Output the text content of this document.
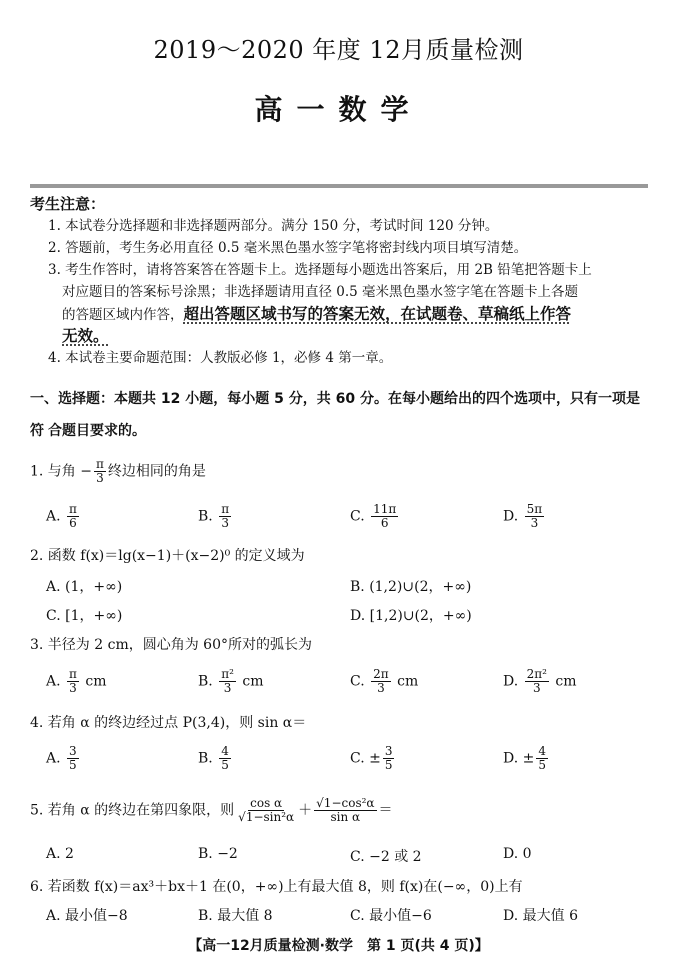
2019～2020 年度 12月质量检测
高一数学
考生注意：
1. 本试卷分选择题和非选择题两部分。满分 150 分，考试时间 120 分钟。
2. 答题前，考生务必用直径 0.5 毫米黑色墨水签字笔将密封线内项目填写清楚。
3. 考生作答时，请将答案答在答题卡上。选择题每小题选出答案后，用 2B 铅笔把答题卡上
对应题目的答案标号涂黑；非选择题请用直径 0.5 毫米黑色墨水签字笔在答题卡上各题
的答题区域内作答，超出答题区域书写的答案无效，在试题卷、草稿纸上作答
无效。
4. 本试卷主要命题范围：人教版必修 1，必修 4 第一章。
一、选择题：本题共 12 小题，每小题 5 分，共 60 分。在每小题给出的四个选项中，只有一项是符 合题目要求的。
1. 与角 − $\frac{\pi}{3}$ 终边相同的角是
A. $\frac{\pi}{6}$	B. $\frac{\pi}{3}$	C. $\frac{11\pi}{6}$	D. $\frac{5\pi}{3}$
2. 函数 f(x)＝lg(x−1)＋(x−2)⁰ 的定义域为
A. (1，+∞)	B. (1,2)∪(2，+∞)
C. [1，+∞)	D. [1,2)∪(2，+∞)
3. 半径为 2 cm，圆心角为 60°所对的弧长为
A. $\frac{\pi}{3}$ cm	B. $\frac{\text{π²}}{3}$ cm	C. $\frac{2\pi}{3}$ cm	D. $\frac{\text{2π²}}{3}$ cm
4. 若角 α 的终边经过点 P(3,4)，则 sin α＝
A. $\frac{3}{5}$	B. $\frac{4}{5}$	C. ± $\frac{3}{5}$	D. ± $\frac{4}{5}$
5. 若角 α 的终边在第四象限，则 $\frac{\text{cos α}}{\text{√1−sin²α}} + \frac{\text{√1−cos²α}}{\text{sin α}}$ ＝
A. 2	B. −2	C. −2 或 2	D. 0
6. 若函数 f(x)＝ax³＋bx＋1 在(0，+∞)上有最大值 8，则 f(x)在(−∞，0)上有
A. 最小值−8	B. 最大值 8	C. 最小值−6	D. 最大值 6
【高一12月质量检测·数学　第 1 页(共 4 页)】
